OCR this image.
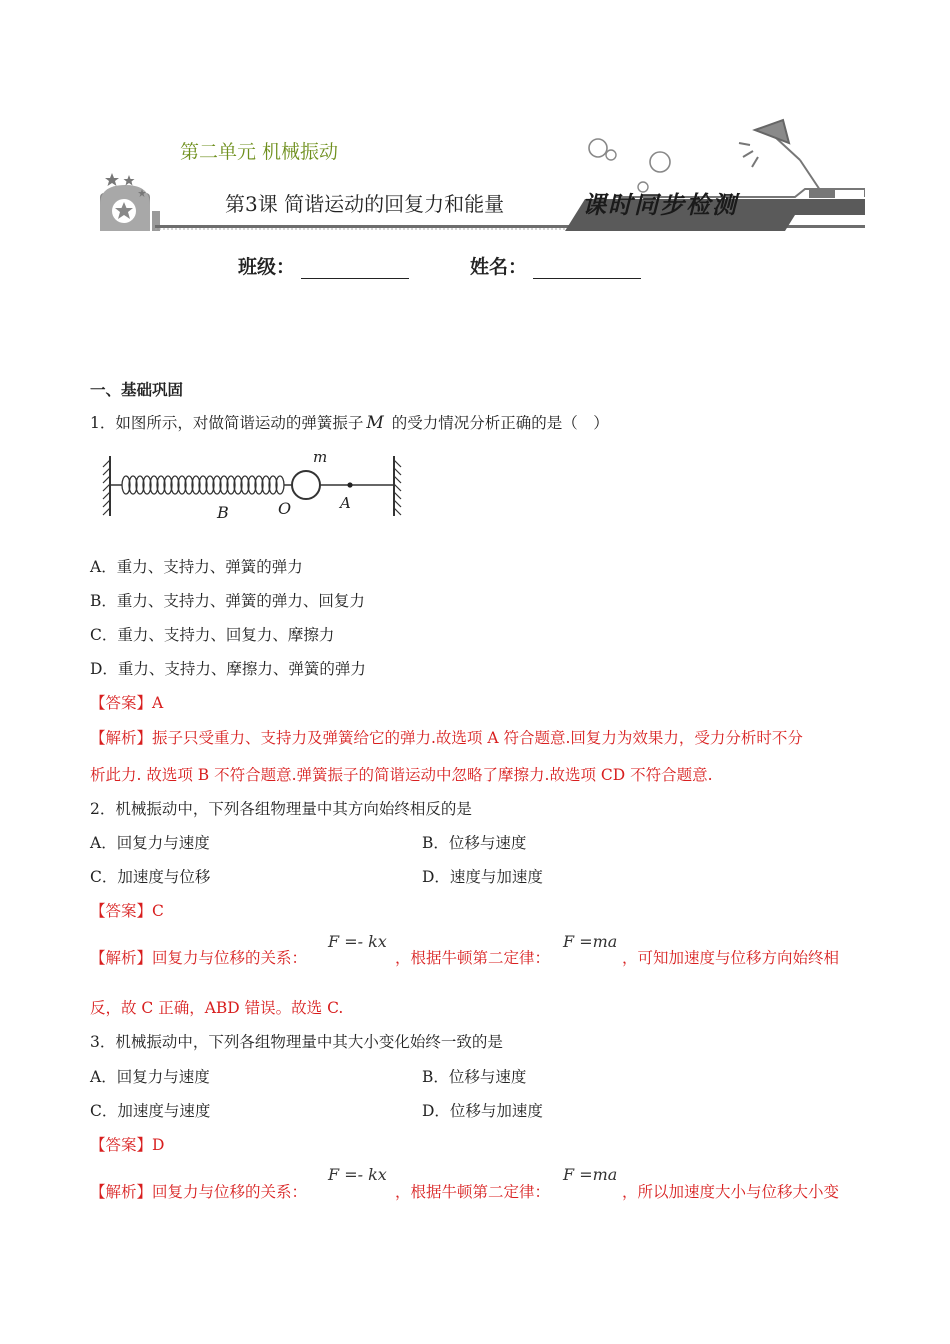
第二单元 机械振动
第3课 简谐运动的回复力和能量	课时同步检测
班级：	姓名：
一、基础巩固
1．如图所示，对做简谐运动的弹簧振子 M 的受力情况分析正确的是（　）
m
B	O	A
A．重力、支持力、弹簧的弹力
B．重力、支持力、弹簧的弹力、回复力
C．重力、支持力、回复力、摩擦力
D．重力、支持力、摩擦力、弹簧的弹力
【答案】A
【解析】振子只受重力、支持力及弹簧给它的弹力.故选项 A 符合题意.回复力为效果力，受力分析时不分
析此力. 故选项 B 不符合题意.弹簧振子的简谐运动中忽略了摩擦力.故选项 CD 不符合题意.
2．机械振动中，下列各组物理量中其方向始终相反的是
A．回复力与速度	B．位移与速度
C．加速度与位移	D．速度与加速度
【答案】C
【解析】回复力与位移的关系：
F =- kx
，根据牛顿第二定律：
F =ma
，可知加速度与位移方向始终相
反，故 C 正确，ABD 错误。故选 C.
3．机械振动中，下列各组物理量中其大小变化始终一致的是
A．回复力与速度	B．位移与速度
C．加速度与速度	D．位移与加速度
【答案】D
【解析】回复力与位移的关系：
F =- kx
，根据牛顿第二定律：
F =ma
，所以加速度大小与位移大小变
